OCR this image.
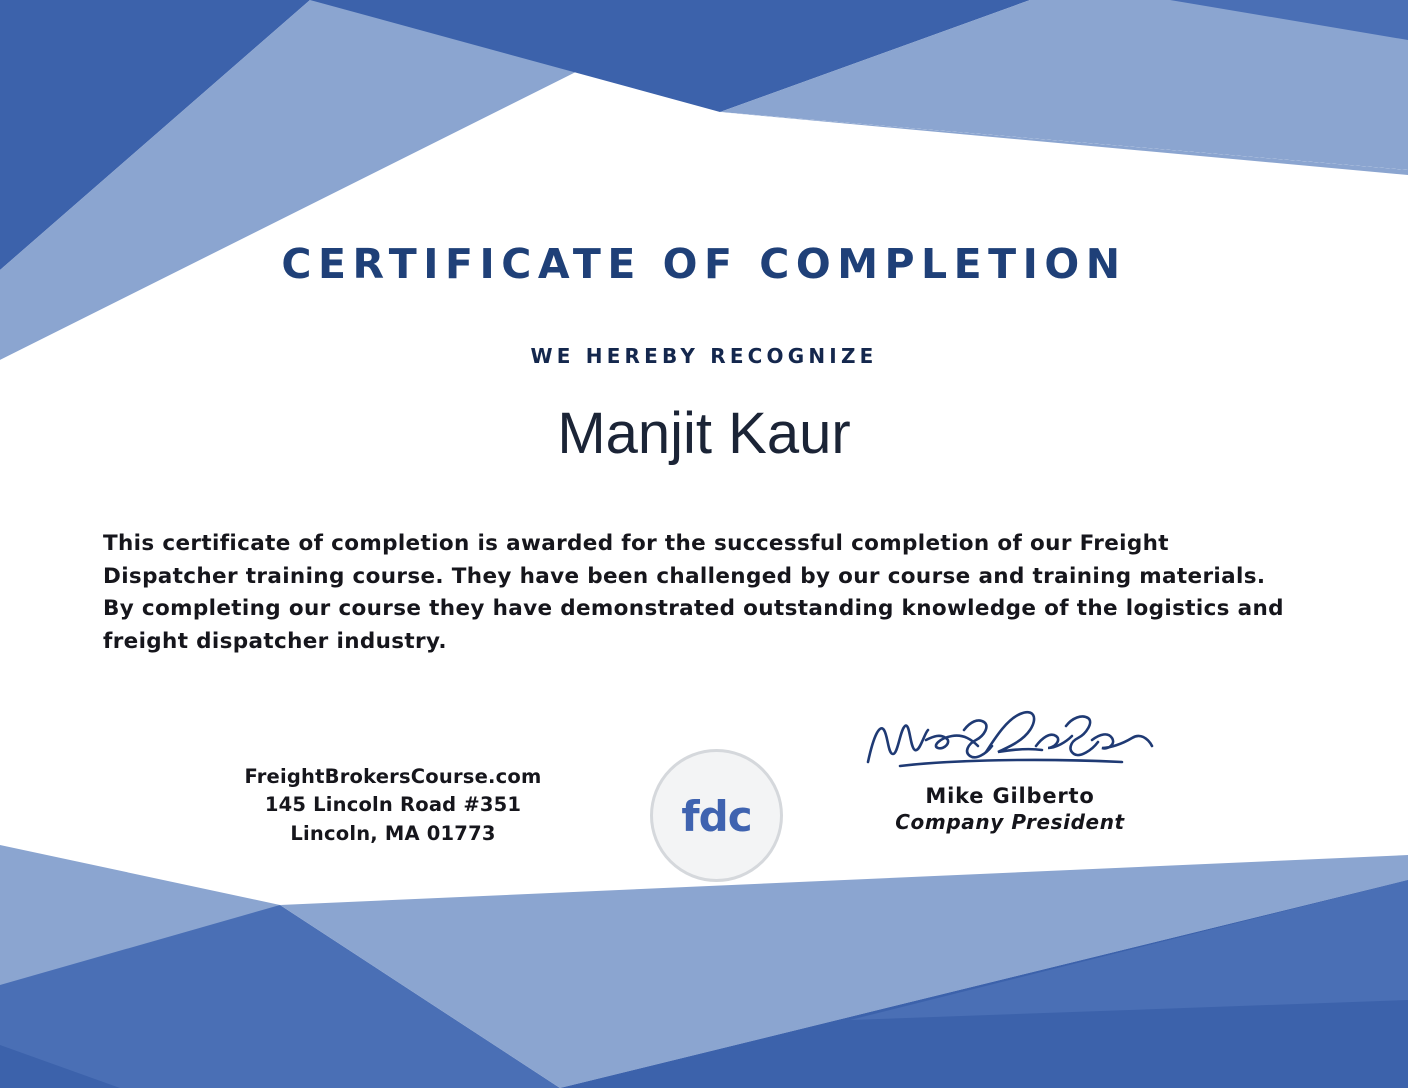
CERTIFICATE OF COMPLETION
WE HEREBY RECOGNIZE
Manjit Kaur
This certificate of completion is awarded for the successful completion of our Freight Dispatcher training course. They have been challenged by our course and training materials. By completing our course they have demonstrated outstanding knowledge of the logistics and freight dispatcher industry.
FreightBrokersCourse.com
145 Lincoln Road #351
Lincoln, MA 01773	fdc	Mike Gilberto
Company President
